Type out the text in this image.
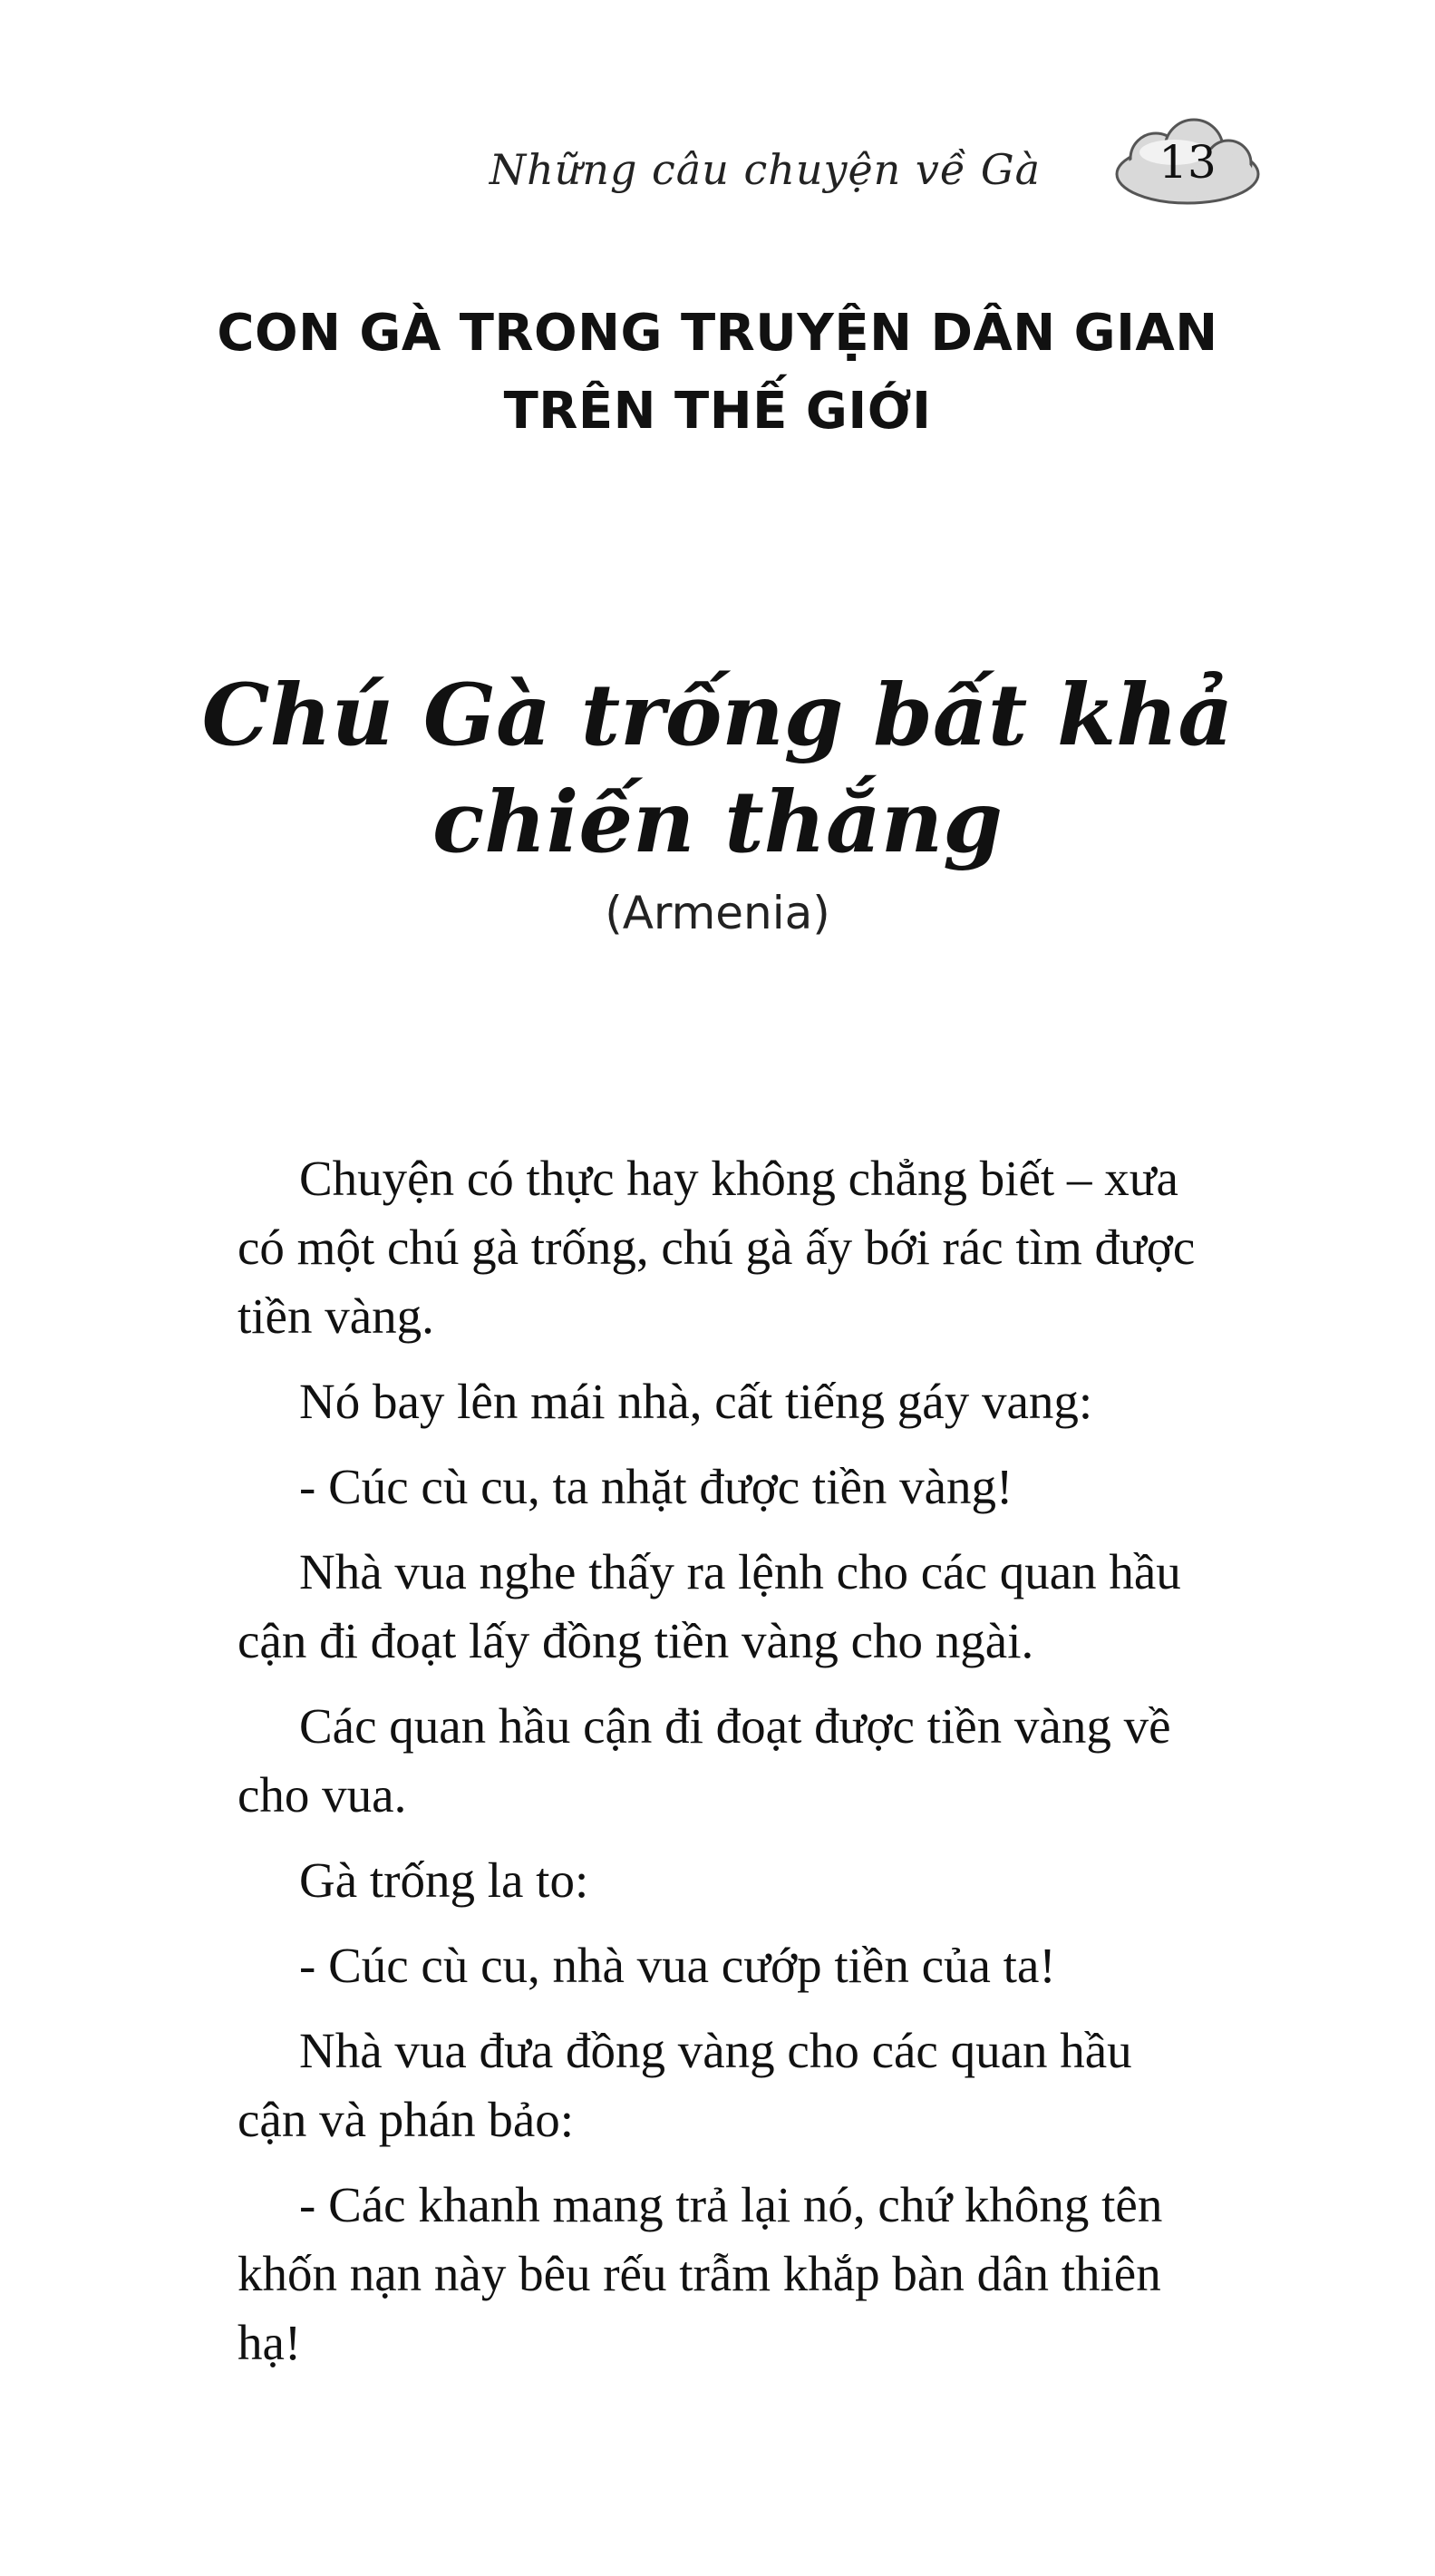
Những câu chuyện về Gà	13
CON GÀ TRONG TRUYỆN DÂN GIAN
TRÊN THẾ GIỚI
Chú Gà trống bất khả
chiến thắng
(Armenia)

Chuyện có thực hay không chẳng biết – xưa có một chú gà trống, chú gà ấy bới rác tìm được tiền vàng.

Nó bay lên mái nhà, cất tiếng gáy vang:

- Cúc cù cu, ta nhặt được tiền vàng!

Nhà vua nghe thấy ra lệnh cho các quan hầu cận đi đoạt lấy đồng tiền vàng cho ngài.

Các quan hầu cận đi đoạt được tiền vàng về cho vua.

Gà trống la to:

- Cúc cù cu, nhà vua cướp tiền của ta!

Nhà vua đưa đồng vàng cho các quan hầu cận và phán bảo:

- Các khanh mang trả lại nó, chứ không tên khốn nạn này bêu rếu trẫm khắp bàn dân thiên hạ!
